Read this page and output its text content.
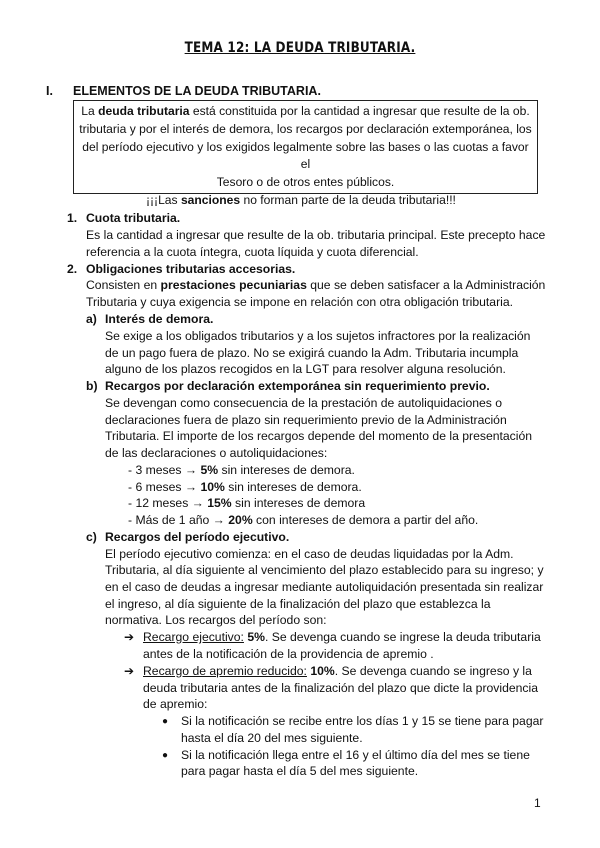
TEMA 12: LA DEUDA TRIBUTARIA.
I. ELEMENTOS DE LA DEUDA TRIBUTARIA.
La deuda tributaria está constituida por la cantidad a ingresar que resulte de la ob.
tributaria y por el interés de demora, los recargos por declaración extemporánea, los
del período ejecutivo y los exigidos legalmente sobre las bases o las cuotas a favor el
Tesoro o de otros entes públicos.
¡¡¡Las sanciones no forman parte de la deuda tributaria!!!
1. Cuota tributaria.
Es la cantidad a ingresar que resulte de la ob. tributaria principal. Este precepto hace
referencia a la cuota íntegra, cuota líquida y cuota diferencial.
2. Obligaciones tributarias accesorias.
Consisten en prestaciones pecuniarias que se deben satisfacer a la Administración
Tributaria y cuya exigencia se impone en relación con otra obligación tributaria.
a) Interés de demora.
Se exige a los obligados tributarios y a los sujetos infractores por la realización
de un pago fuera de plazo. No se exigirá cuando la Adm. Tributaria incumpla
alguno de los plazos recogidos en la LGT para resolver alguna resolución.
b) Recargos por declaración extemporánea sin requerimiento previo.
Se devengan como consecuencia de la prestación de autoliquidaciones o
declaraciones fuera de plazo sin requerimiento previo de la Administración
Tributaria. El importe de los recargos depende del momento de la presentación
de las declaraciones o autoliquidaciones:
- 3 meses → 5% sin intereses de demora.
- 6 meses → 10% sin intereses de demora.
- 12 meses → 15% sin intereses de demora
- Más de 1 año → 20% con intereses de demora a partir del año.
c) Recargos del período ejecutivo.
El período ejecutivo comienza: en el caso de deudas liquidadas por la Adm.
Tributaria, al día siguiente al vencimiento del plazo establecido para su ingreso; y
en el caso de deudas a ingresar mediante autoliquidación presentada sin realizar
el ingreso, al día siguiente de la finalización del plazo que establezca la
normativa. Los recargos del período son:
➔ Recargo ejecutivo: 5%. Se devenga cuando se ingrese la deuda tributaria
antes de la notificación de la providencia de apremio .
➔ Recargo de apremio reducido: 10%. Se devenga cuando se ingreso y la
deuda tributaria antes de la finalización del plazo que dicte la providencia
de apremio:
● Si la notificación se recibe entre los días 1 y 15 se tiene para pagar
hasta el día 20 del mes siguiente.
● Si la notificación llega entre el 16 y el último día del mes se tiene
para pagar hasta el día 5 del mes siguiente.
1
